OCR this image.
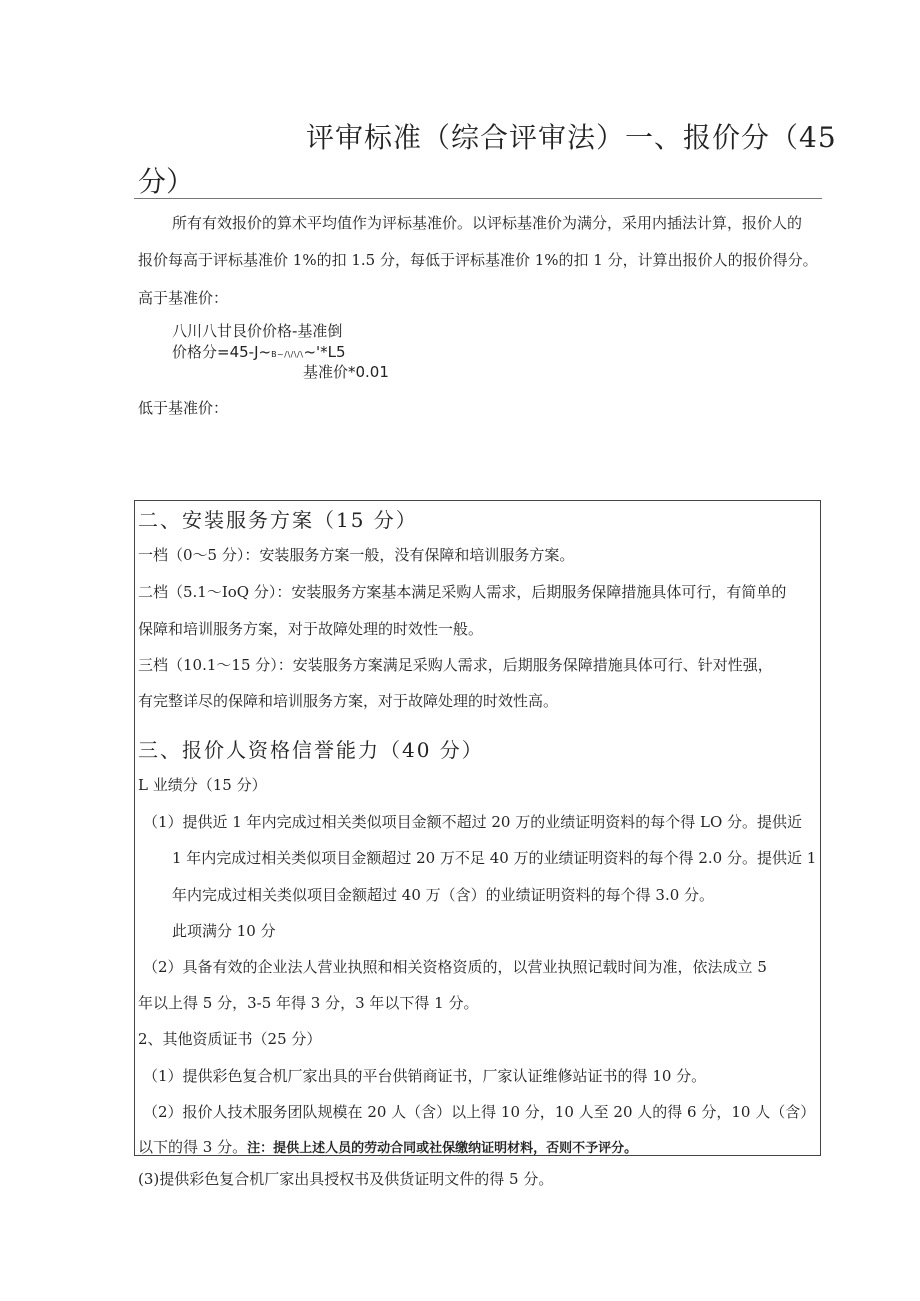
评审标准（综合评审法）一、报价分（45
分）
所有有效报价的算术平均值作为评标基准价。以评标基准价为满分，采用内插法计算，报价人的
报价每高于评标基准价 1%的扣 1.5 分，每低于评标基准价 1%的扣 1 分，计算出报价人的报价得分。
高于基准价：
八川八甘艮价价格-基准倒
价格分=45-J~B~/\/\/\~'*L5
基准价*0.01
低于基准价：
二、安装服务方案（15 分）
一档（0～5 分）：安装服务方案一般，没有保障和培训服务方案。
二档（5.1～IoQ 分）：安装服务方案基本满足采购人需求，后期服务保障措施具体可行，有简单的
保障和培训服务方案，对于故障处理的时效性一般。
三档（10.1～15 分）：安装服务方案满足采购人需求，后期服务保障措施具体可行、针对性强，
有完整详尽的保障和培训服务方案，对于故障处理的时效性高。
三、报价人资格信誉能力（40 分）
L 业绩分（15 分）
（1）提供近 1 年内完成过相关类似项目金额不超过 20 万的业绩证明资料的每个得 LO 分。提供近
1 年内完成过相关类似项目金额超过 20 万不足 40 万的业绩证明资料的每个得 2.0 分。提供近 1
年内完成过相关类似项目金额超过 40 万（含）的业绩证明资料的每个得 3.0 分。
此项满分 10 分
（2）具备有效的企业法人营业执照和相关资格资质的，以营业执照记载时间为准，依法成立 5
年以上得 5 分，3-5 年得 3 分，3 年以下得 1 分。
2、其他资质证书（25 分）
（1）提供彩色复合机厂家出具的平台供销商证书，厂家认证维修站证书的得 10 分。
（2）报价人技术服务团队规模在 20 人（含）以上得 10 分，10 人至 20 人的得 6 分，10 人（含）
以下的得 3 分。注：提供上述人员的劳动合同或社保缴纳证明材料，否则不予评分。
(3)提供彩色复合机厂家出具授权书及供货证明文件的得 5 分。
